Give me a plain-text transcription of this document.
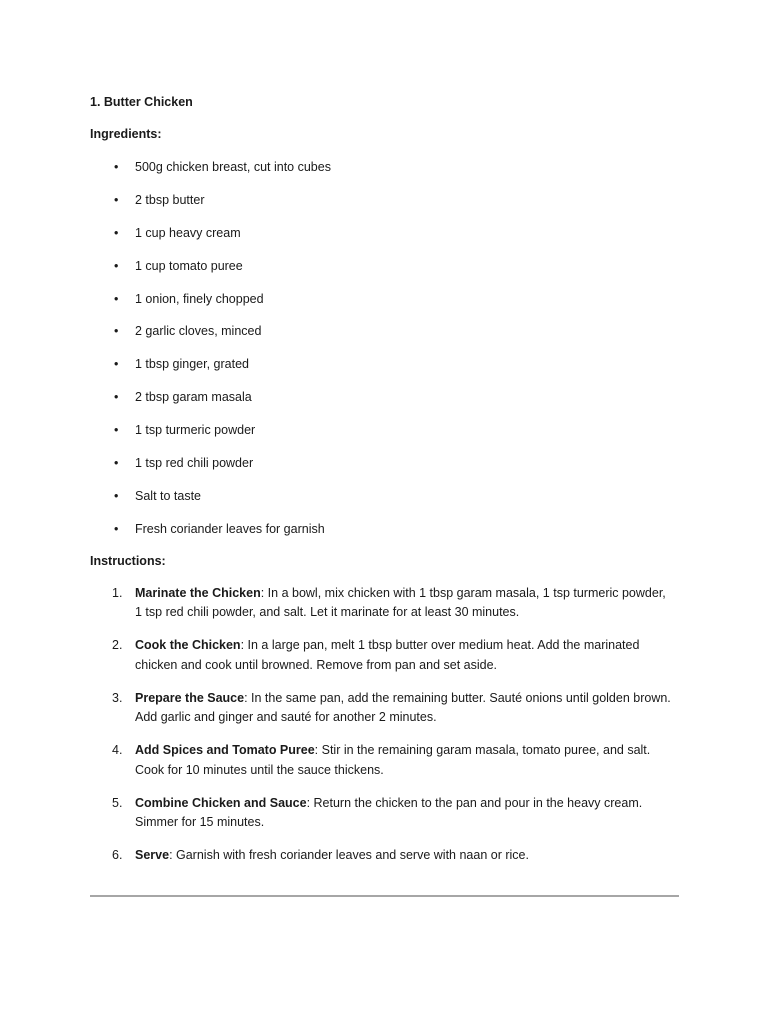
1. Butter Chicken

Ingredients:

• 500g chicken breast, cut into cubes
• 2 tbsp butter
• 1 cup heavy cream
• 1 cup tomato puree
• 1 onion, finely chopped
• 2 garlic cloves, minced
• 1 tbsp ginger, grated
• 2 tbsp garam masala
• 1 tsp turmeric powder
• 1 tsp red chili powder
• Salt to taste
• Fresh coriander leaves for garnish

Instructions:

1. Marinate the Chicken: In a bowl, mix chicken with 1 tbsp garam masala, 1 tsp turmeric powder, 1 tsp red chili powder, and salt. Let it marinate for at least 30 minutes.
2. Cook the Chicken: In a large pan, melt 1 tbsp butter over medium heat. Add the marinated chicken and cook until browned. Remove from pan and set aside.
3. Prepare the Sauce: In the same pan, add the remaining butter. Sauté onions until golden brown. Add garlic and ginger and sauté for another 2 minutes.
4. Add Spices and Tomato Puree: Stir in the remaining garam masala, tomato puree, and salt. Cook for 10 minutes until the sauce thickens.
5. Combine Chicken and Sauce: Return the chicken to the pan and pour in the heavy cream. Simmer for 15 minutes.
6. Serve: Garnish with fresh coriander leaves and serve with naan or rice.
